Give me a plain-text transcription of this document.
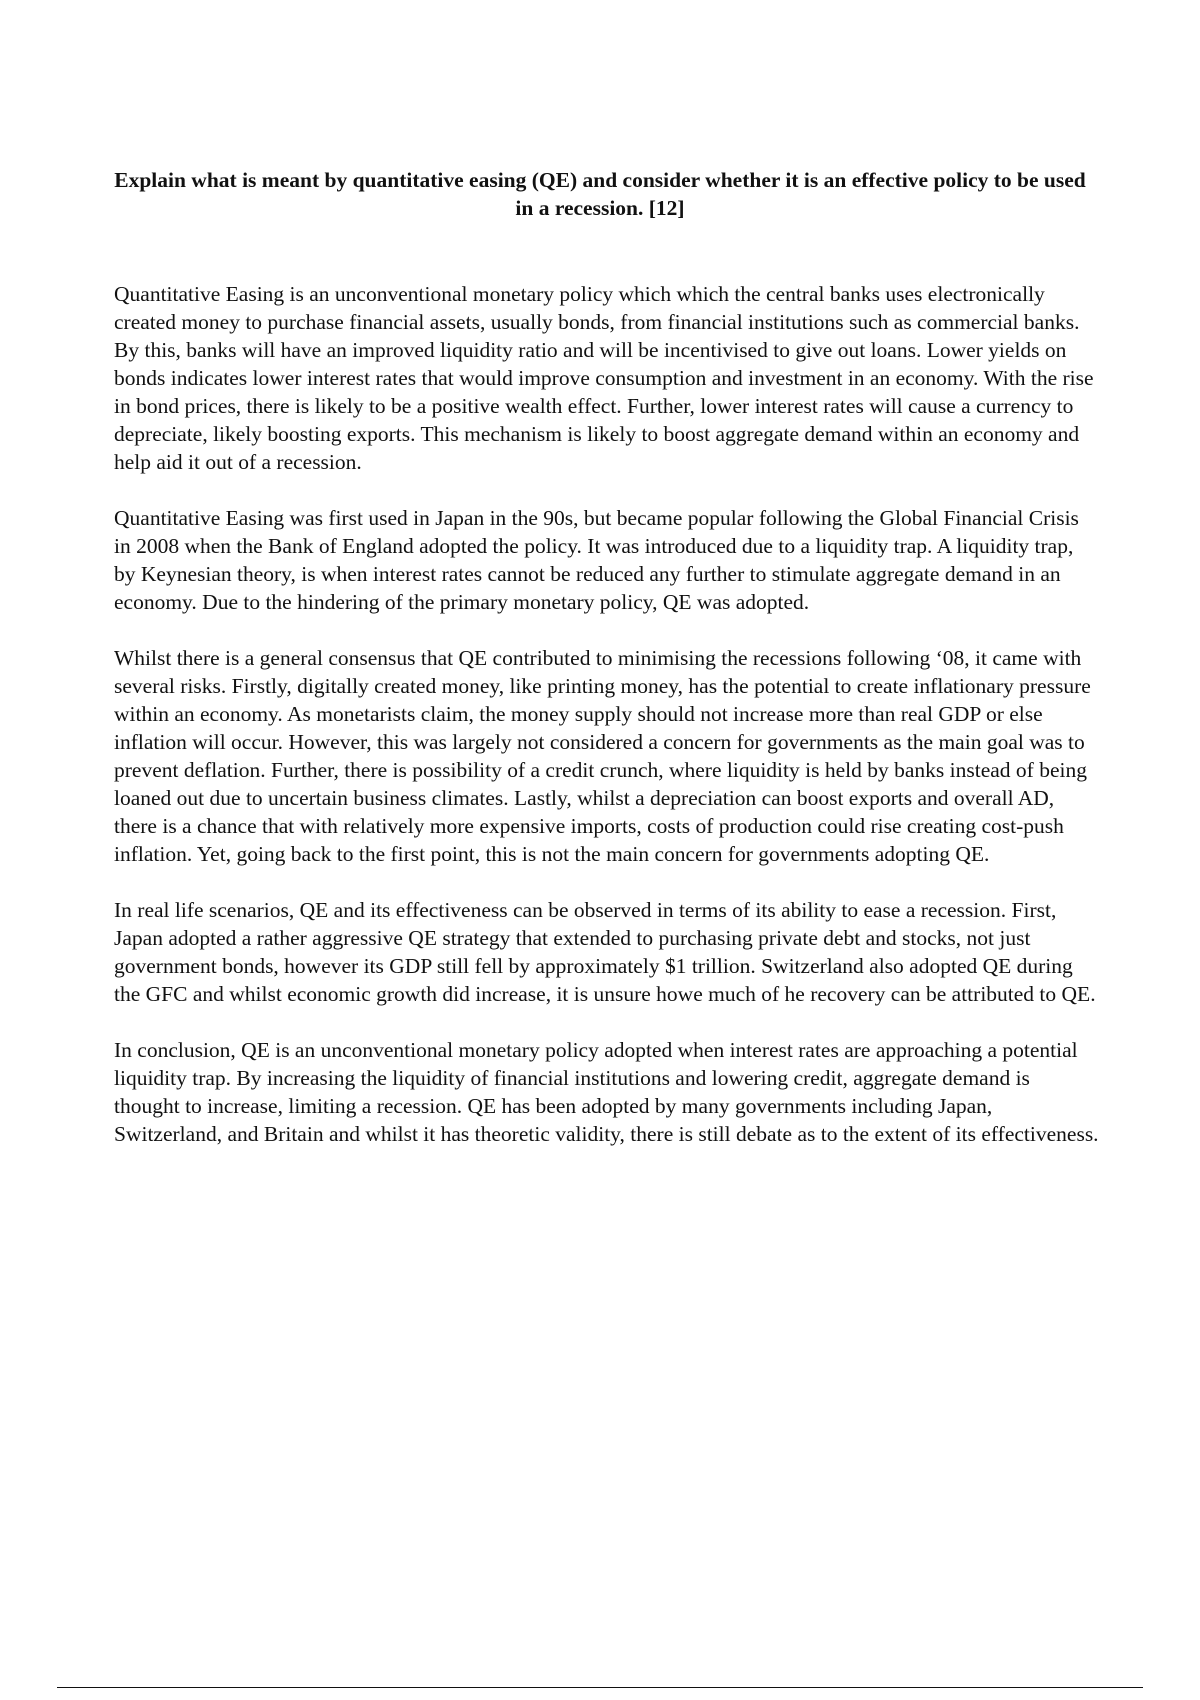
Explain what is meant by quantitative easing (QE) and consider whether it is an effective policy to be used in a recession. [12]

Quantitative Easing is an unconventional monetary policy which which the central banks uses electronically created money to purchase financial assets, usually bonds, from financial institutions such as commercial banks. By this, banks will have an improved liquidity ratio and will be incentivised to give out loans. Lower yields on bonds indicates lower interest rates that would improve consumption and investment in an economy. With the rise in bond prices, there is likely to be a positive wealth effect. Further, lower interest rates will cause a currency to depreciate, likely boosting exports. This mechanism is likely to boost aggregate demand within an economy and help aid it out of a recession.

Quantitative Easing was first used in Japan in the 90s, but became popular following the Global Financial Crisis in 2008 when the Bank of England adopted the policy. It was introduced due to a liquidity trap. A liquidity trap, by Keynesian theory, is when interest rates cannot be reduced any further to stimulate aggregate demand in an economy. Due to the hindering of the primary monetary policy, QE was adopted.

Whilst there is a general consensus that QE contributed to minimising the recessions following ‘08, it came with several risks. Firstly, digitally created money, like printing money, has the potential to create inflationary pressure within an economy. As monetarists claim, the money supply should not increase more than real GDP or else inflation will occur. However, this was largely not considered a concern for governments as the main goal was to prevent deflation. Further, there is possibility of a credit crunch, where liquidity is held by banks instead of being loaned out due to uncertain business climates. Lastly, whilst a depreciation can boost exports and overall AD, there is a chance that with relatively more expensive imports, costs of production could rise creating cost-push inflation. Yet, going back to the first point, this is not the main concern for governments adopting QE.

In real life scenarios, QE and its effectiveness can be observed in terms of its ability to ease a recession. First, Japan adopted a rather aggressive QE strategy that extended to purchasing private debt and stocks, not just government bonds, however its GDP still fell by approximately $1 trillion. Switzerland also adopted QE during the GFC and whilst economic growth did increase, it is unsure howe much of he recovery can be attributed to QE.

In conclusion, QE is an unconventional monetary policy adopted when interest rates are approaching a potential liquidity trap. By increasing the liquidity of financial institutions and lowering credit, aggregate demand is thought to increase, limiting a recession. QE has been adopted by many governments including Japan, Switzerland, and Britain and whilst it has theoretic validity, there is still debate as to the extent of its effectiveness.
